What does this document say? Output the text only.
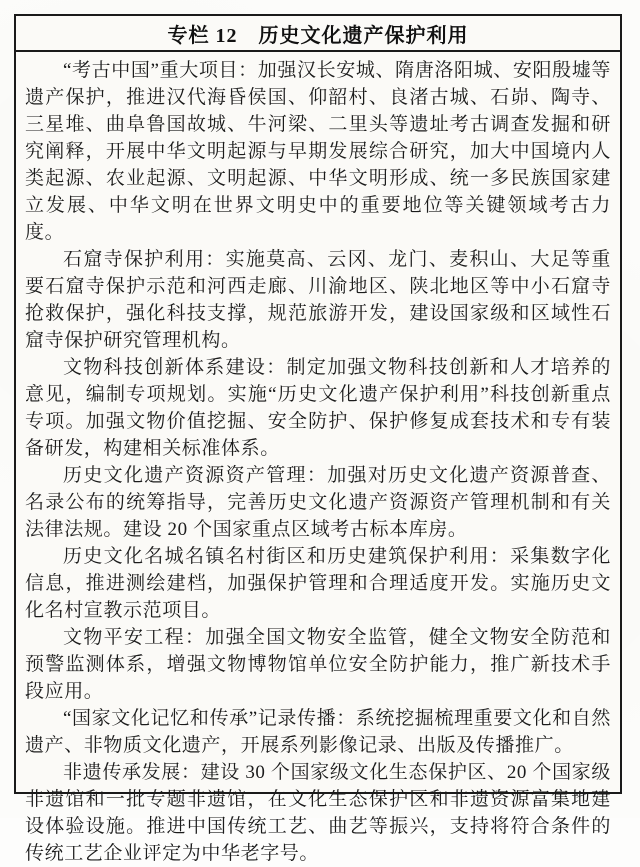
专栏 12　历史文化遗产保护利用

“考古中国”重大项目：加强汉长安城、隋唐洛阳城、安阳殷墟等遗产保护，推进汉代海昏侯国、仰韶村、良渚古城、石峁、陶寺、三星堆、曲阜鲁国故城、牛河梁、二里头等遗址考古调查发掘和研究阐释，开展中华文明起源与早期发展综合研究，加大中国境内人类起源、农业起源、文明起源、中华文明形成、统一多民族国家建立发展、中华文明在世界文明史中的重要地位等关键领域考古力度。

石窟寺保护利用：实施莫高、云冈、龙门、麦积山、大足等重要石窟寺保护示范和河西走廊、川渝地区、陕北地区等中小石窟寺抢救保护，强化科技支撑，规范旅游开发，建设国家级和区域性石窟寺保护研究管理机构。

文物科技创新体系建设：制定加强文物科技创新和人才培养的意见，编制专项规划。实施“历史文化遗产保护利用”科技创新重点专项。加强文物价值挖掘、安全防护、保护修复成套技术和专有装备研发，构建相关标准体系。

历史文化遗产资源资产管理：加强对历史文化遗产资源普查、名录公布的统筹指导，完善历史文化遗产资源资产管理机制和有关法律法规。建设 20 个国家重点区域考古标本库房。

历史文化名城名镇名村街区和历史建筑保护利用：采集数字化信息，推进测绘建档，加强保护管理和合理适度开发。实施历史文化名村宣教示范项目。

文物平安工程：加强全国文物安全监管，健全文物安全防范和预警监测体系，增强文物博物馆单位安全防护能力，推广新技术手段应用。

“国家文化记忆和传承”记录传播：系统挖掘梳理重要文化和自然遗产、非物质文化遗产，开展系列影像记录、出版及传播推广。

非遗传承发展：建设 30 个国家级文化生态保护区、20 个国家级非遗馆和一批专题非遗馆，在文化生态保护区和非遗资源富集地建设体验设施。推进中国传统工艺、曲艺等振兴，支持将符合条件的传统工艺企业评定为中华老字号。
